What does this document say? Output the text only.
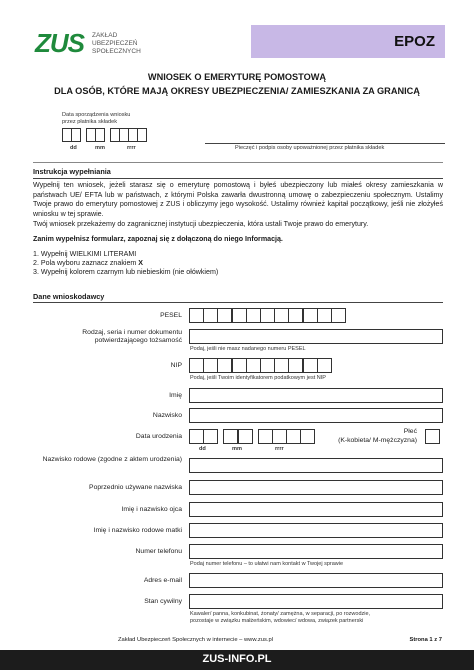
ZUS ZAKŁAD
UBEZPIECZEŃ
SPOŁECZNYCH
EPOZ
WNIOSEK O EMERYTURĘ POMOSTOWĄ
DLA OSÓB, KTÓRE MAJĄ OKRESY UBEZPIECZENIA/ ZAMIESZKANIA ZA GRANICĄ
Data sporządzenia wniosku przez płatnika składek
dd	mm	rrrr	Pieczęć i podpis osoby upoważnionej przez płatnika składek
Instrukcja wypełniania
Wypełnij ten wniosek, jeżeli starasz się o emeryturę pomostową i byłeś ubezpieczony lub miałeś okresy zamieszkania w państwach UE/ EFTA lub w państwach, z którymi Polska zawarła dwustronną umowę o zabezpieczeniu społecznym. Ustalimy Twoje prawo do emerytury pomostowej z ZUS i obliczymy jego wysokość. Ustalimy również kapitał początkowy, jeśli nie złożyłeś wniosku w tej sprawie.
Twój wniosek przekażemy do zagranicznej instytucji ubezpieczenia, która ustali Twoje prawo do emerytury.
Zanim wypełnisz formularz, zapoznaj się z dołączoną do niego Informacją.
1. Wypełnij WIELKIMI LITERAMI
2. Pola wyboru zaznacz znakiem X
3. Wypełnij kolorem czarnym lub niebieskim (nie ołówkiem)
Dane wnioskodawcy
PESEL
Rodzaj, seria i numer dokumentu potwierdzającego tożsamość
Podaj, jeśli nie masz nadanego numeru PESEL
NIP
Podaj, jeśli Twoim identyfikatorem podatkowym jest NIP
Imię
Nazwisko
Data urodzenia
dd	mm	rrrr
Płeć
(K-kobieta/ M-mężczyzna)
Nazwisko rodowe (zgodne z aktem urodzenia)
Poprzednio używane nazwiska
Imię i nazwisko ojca
Imię i nazwisko rodowe matki
Numer telefonu
Podaj numer telefonu – to ułatwi nam kontakt w Twojej sprawie
Adres e-mail
Stan cywilny
Kawaler/ panna, konkubinat, żonaty/ zamężna, w separacji, po rozwodzie, pozostaje w związku małżeńskim, wdowiec/ wdowa, związek partnerski
Zakład Ubezpieczeń Społecznych w internecie – www.zus.pl	Strona 1 z 7
ZUS-INFO.PL
